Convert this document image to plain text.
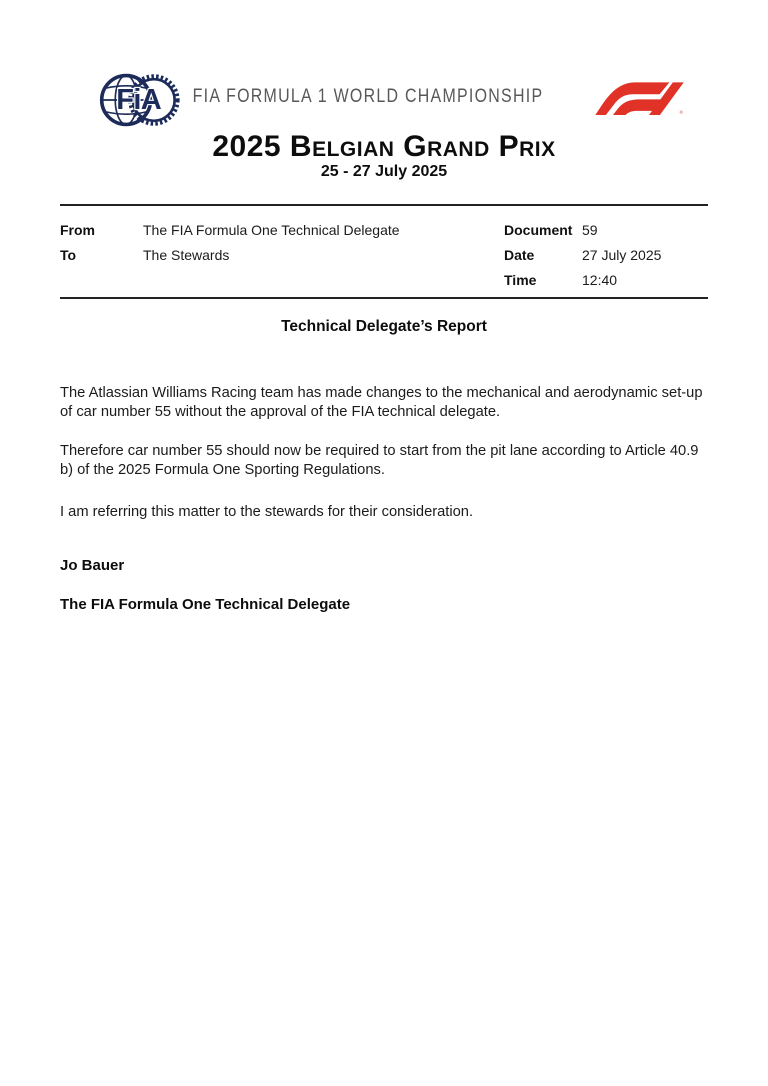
FiA FIA FORMULA 1 WORLD CHAMPIONSHIP
®
2025 Belgian Grand Prix
25 - 27 July 2025
From	The FIA Formula One Technical Delegate	Document 59
To	The Stewards	Date	27 July 2025
Time	12:40
Technical Delegate’s Report

The Atlassian Williams Racing team has made changes to the mechanical and aerodynamic set-up of car number 55 without the approval of the FIA technical delegate.

Therefore car number 55 should now be required to start from the pit lane according to Article 40.9 b) of the 2025 Formula One Sporting Regulations.

I am referring this matter to the stewards for their consideration.

Jo Bauer

The FIA Formula One Technical Delegate
